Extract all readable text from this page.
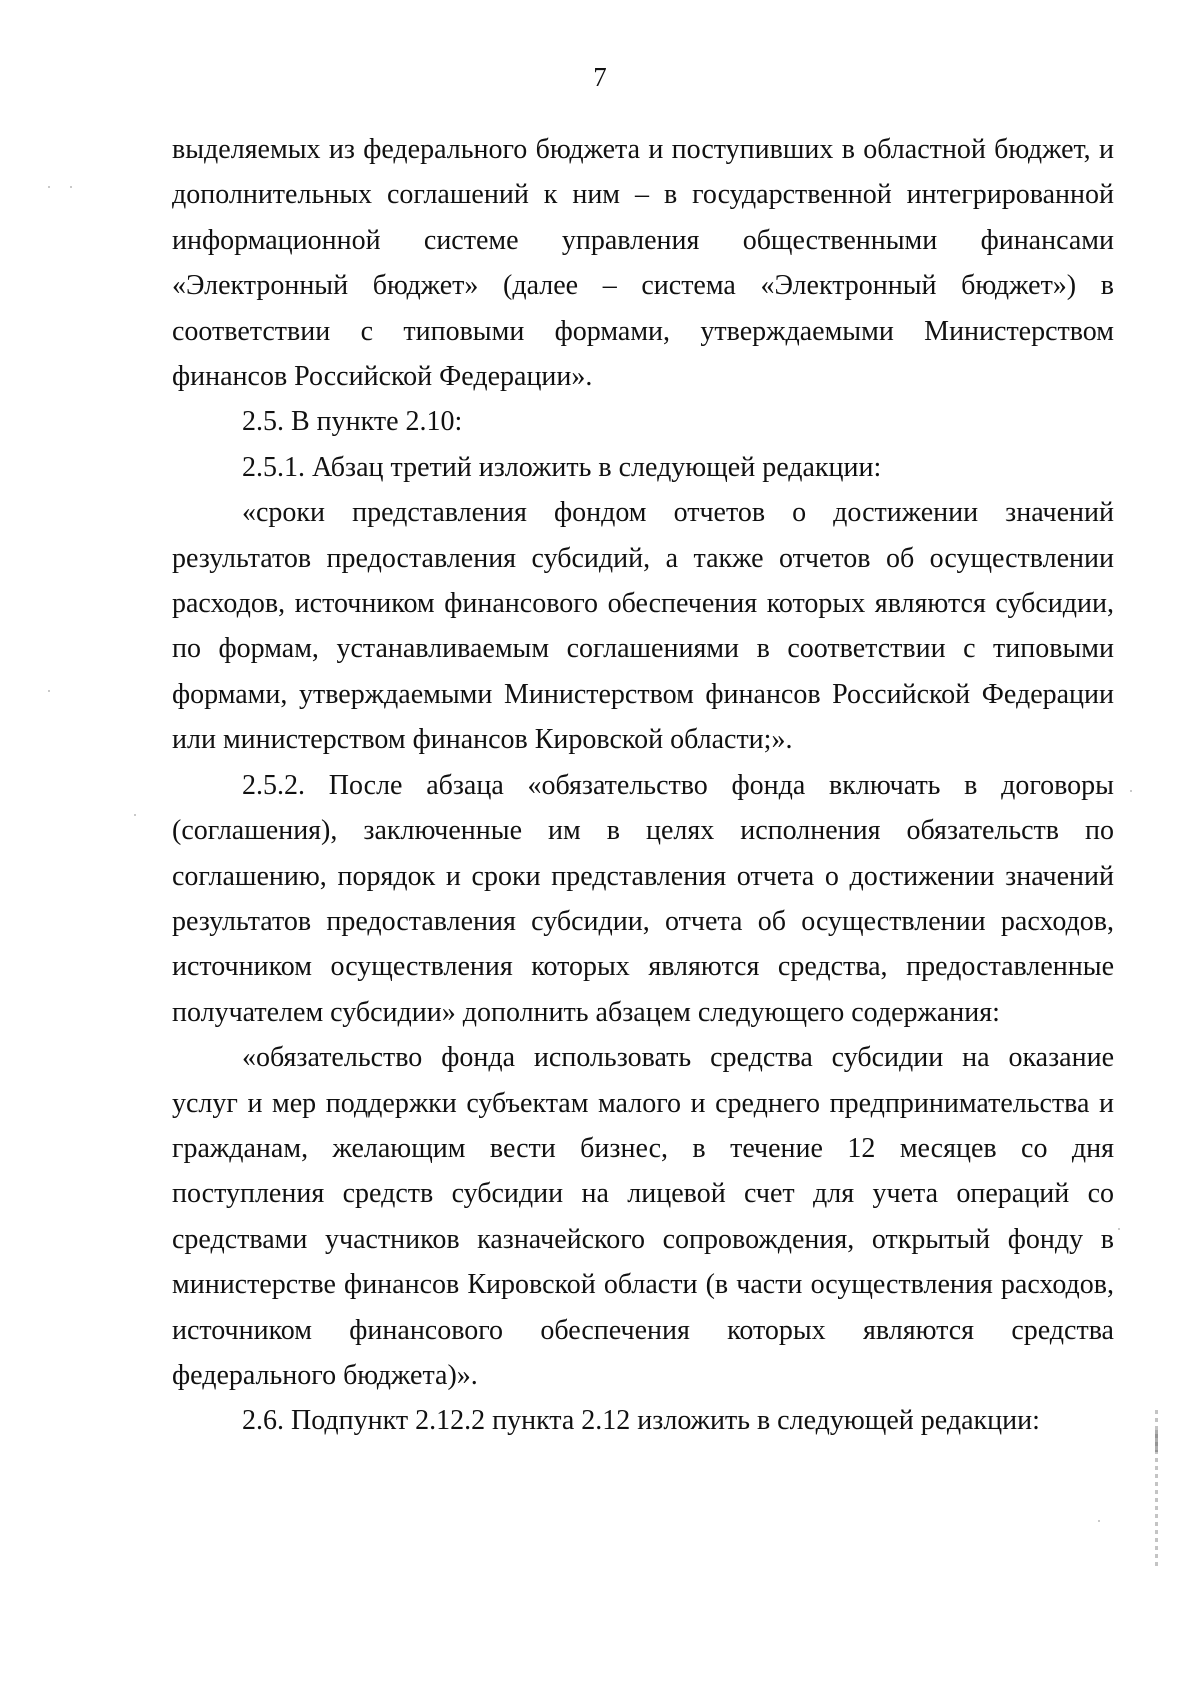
7

выделяемых из федерального бюджета и поступивших в областной бюджет, и дополнительных соглашений к ним – в государственной интегрированной информационной системе управления общественными финансами «Электронный бюджет» (далее – система «Электронный бюджет») в соответствии с типовыми формами, утверждаемыми Министерством финансов Российской Федерации».

2.5. В пункте 2.10:

2.5.1. Абзац третий изложить в следующей редакции:

«сроки представления фондом отчетов о достижении значений результатов предоставления субсидий, а также отчетов об осуществлении расходов, источником финансового обеспечения которых являются субсидии, по формам, устанавливаемым соглашениями в соответствии с типовыми формами, утверждаемыми Министерством финансов Российской Федерации или министерством финансов Кировской области;».

2.5.2. После абзаца «обязательство фонда включать в договоры (соглашения), заключенные им в целях исполнения обязательств по соглашению, порядок и сроки представления отчета о достижении значений результатов предоставления субсидии, отчета об осуществлении расходов, источником осуществления которых являются средства, предоставленные получателем субсидии» дополнить абзацем следующего содержания:

«обязательство фонда использовать средства субсидии на оказание услуг и мер поддержки субъектам малого и среднего предпринимательства и гражданам, желающим вести бизнес, в течение 12 месяцев со дня поступления средств субсидии на лицевой счет для учета операций со средствами участников казначейского сопровождения, открытый фонду в министерстве финансов Кировской области (в части осуществления расходов, источником финансового обеспечения которых являются средства федерального бюджета)».

2.6. Подпункт 2.12.2 пункта 2.12 изложить в следующей редакции:
